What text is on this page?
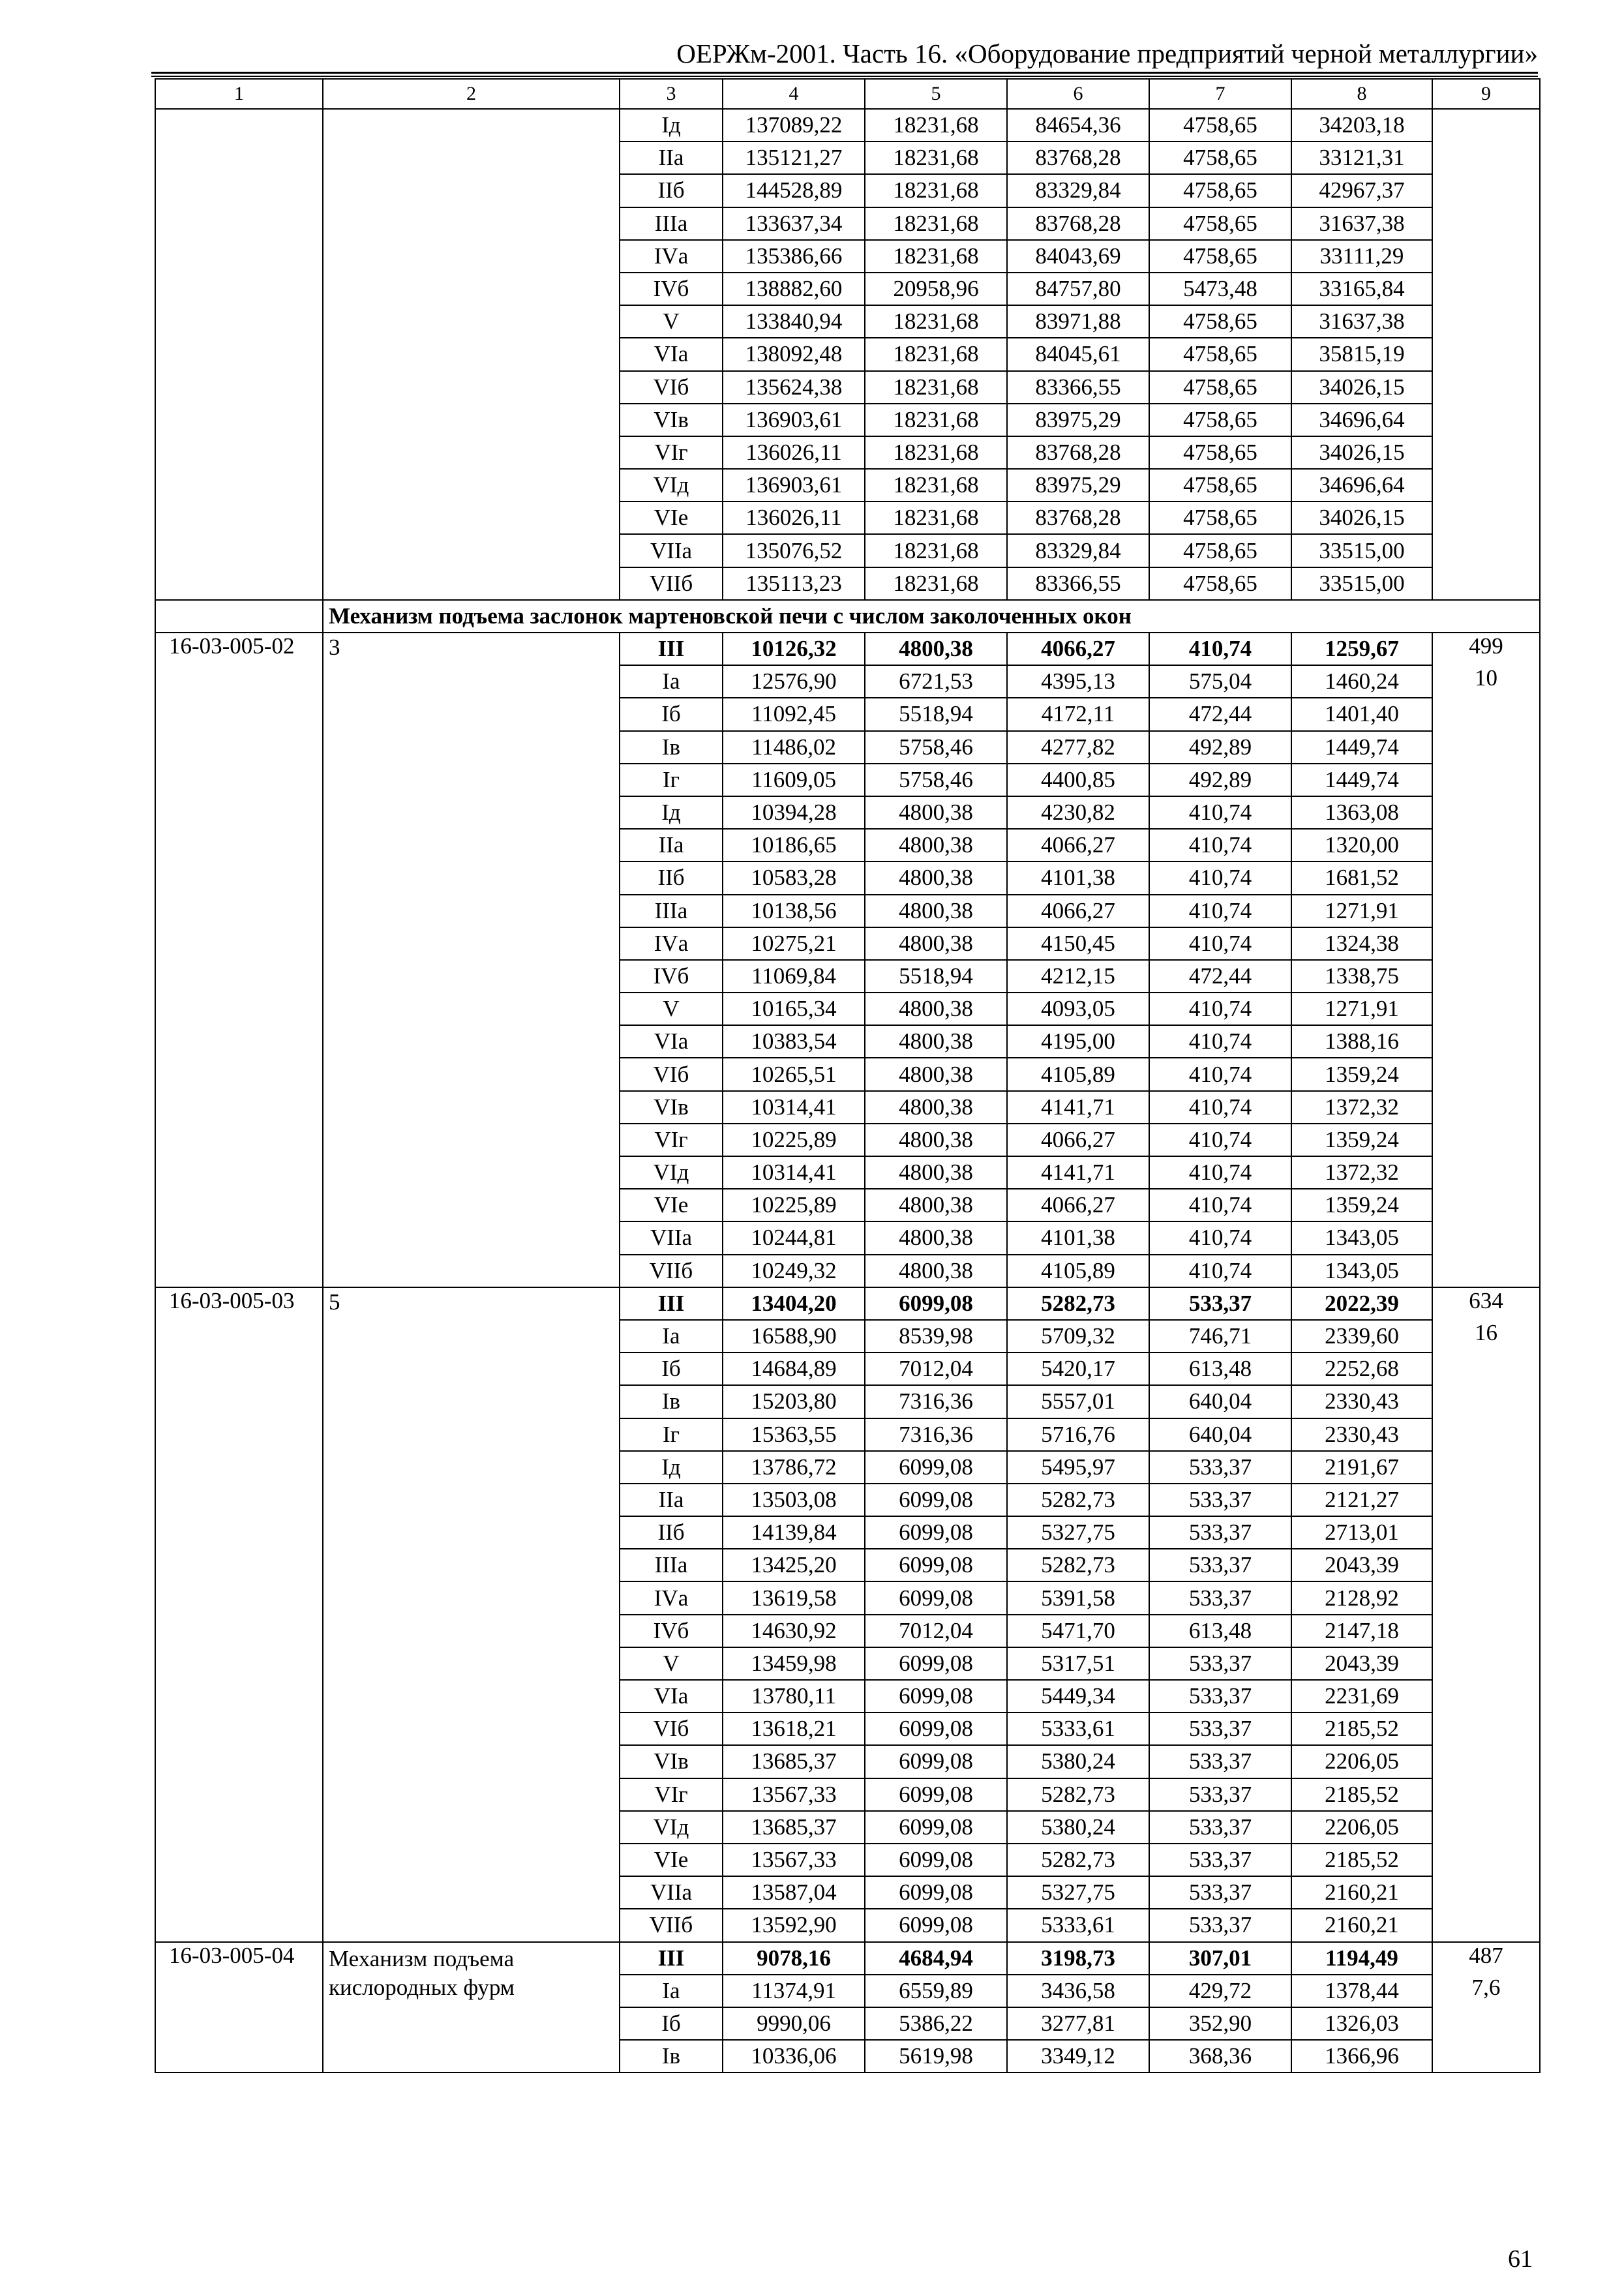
ОЕРЖм-2001. Часть 16. «Оборудование предприятий черной металлургии»
1	2	3	4	5	6	7	8	9
		Iд	137089,22	18231,68	84654,36	4758,65	34203,18	
		IIа	135121,27	18231,68	83768,28	4758,65	33121,31	
		IIб	144528,89	18231,68	83329,84	4758,65	42967,37	
		IIIа	133637,34	18231,68	83768,28	4758,65	31637,38	
		IVа	135386,66	18231,68	84043,69	4758,65	33111,29	
		IVб	138882,60	20958,96	84757,80	5473,48	33165,84	
		V	133840,94	18231,68	83971,88	4758,65	31637,38	
		VIа	138092,48	18231,68	84045,61	4758,65	35815,19	
		VIб	135624,38	18231,68	83366,55	4758,65	34026,15	
		VIв	136903,61	18231,68	83975,29	4758,65	34696,64	
		VIг	136026,11	18231,68	83768,28	4758,65	34026,15	
		VIд	136903,61	18231,68	83975,29	4758,65	34696,64	
		VIе	136026,11	18231,68	83768,28	4758,65	34026,15	
		VIIа	135076,52	18231,68	83329,84	4758,65	33515,00	
		VIIб	135113,23	18231,68	83366,55	4758,65	33515,00	
	Механизм подъема заслонок мартеновской печи с числом заколоченных окон							
16-03-005-02	3	III	10126,32	4800,38	4066,27	410,74	1259,67	499
		Iа	12576,90	6721,53	4395,13	575,04	1460,24	10
		Iб	11092,45	5518,94	4172,11	472,44	1401,40	
		Iв	11486,02	5758,46	4277,82	492,89	1449,74	
		Iг	11609,05	5758,46	4400,85	492,89	1449,74	
		Iд	10394,28	4800,38	4230,82	410,74	1363,08	
		IIа	10186,65	4800,38	4066,27	410,74	1320,00	
		IIб	10583,28	4800,38	4101,38	410,74	1681,52	
		IIIа	10138,56	4800,38	4066,27	410,74	1271,91	
		IVа	10275,21	4800,38	4150,45	410,74	1324,38	
		IVб	11069,84	5518,94	4212,15	472,44	1338,75	
		V	10165,34	4800,38	4093,05	410,74	1271,91	
		VIа	10383,54	4800,38	4195,00	410,74	1388,16	
		VIб	10265,51	4800,38	4105,89	410,74	1359,24	
		VIв	10314,41	4800,38	4141,71	410,74	1372,32	
		VIг	10225,89	4800,38	4066,27	410,74	1359,24	
		VIд	10314,41	4800,38	4141,71	410,74	1372,32	
		VIе	10225,89	4800,38	4066,27	410,74	1359,24	
		VIIа	10244,81	4800,38	4101,38	410,74	1343,05	
		VIIб	10249,32	4800,38	4105,89	410,74	1343,05	
16-03-005-03	5	III	13404,20	6099,08	5282,73	533,37	2022,39	634
		Iа	16588,90	8539,98	5709,32	746,71	2339,60	16
		Iб	14684,89	7012,04	5420,17	613,48	2252,68	
		Iв	15203,80	7316,36	5557,01	640,04	2330,43	
		Iг	15363,55	7316,36	5716,76	640,04	2330,43	
		Iд	13786,72	6099,08	5495,97	533,37	2191,67	
		IIа	13503,08	6099,08	5282,73	533,37	2121,27	
		IIб	14139,84	6099,08	5327,75	533,37	2713,01	
		IIIа	13425,20	6099,08	5282,73	533,37	2043,39	
		IVа	13619,58	6099,08	5391,58	533,37	2128,92	
		IVб	14630,92	7012,04	5471,70	613,48	2147,18	
		V	13459,98	6099,08	5317,51	533,37	2043,39	
		VIа	13780,11	6099,08	5449,34	533,37	2231,69	
		VIб	13618,21	6099,08	5333,61	533,37	2185,52	
		VIв	13685,37	6099,08	5380,24	533,37	2206,05	
		VIг	13567,33	6099,08	5282,73	533,37	2185,52	
		VIд	13685,37	6099,08	5380,24	533,37	2206,05	
		VIе	13567,33	6099,08	5282,73	533,37	2185,52	
		VIIа	13587,04	6099,08	5327,75	533,37	2160,21	
		VIIб	13592,90	6099,08	5333,61	533,37	2160,21	
16-03-005-04	Механизм подъема кислородных фурм	III	9078,16	4684,94	3198,73	307,01	1194,49	487
		Iа	11374,91	6559,89	3436,58	429,72	1378,44	7,6
		Iб	9990,06	5386,22	3277,81	352,90	1326,03	
		Iв	10336,06	5619,98	3349,12	368,36	1366,96	
61
